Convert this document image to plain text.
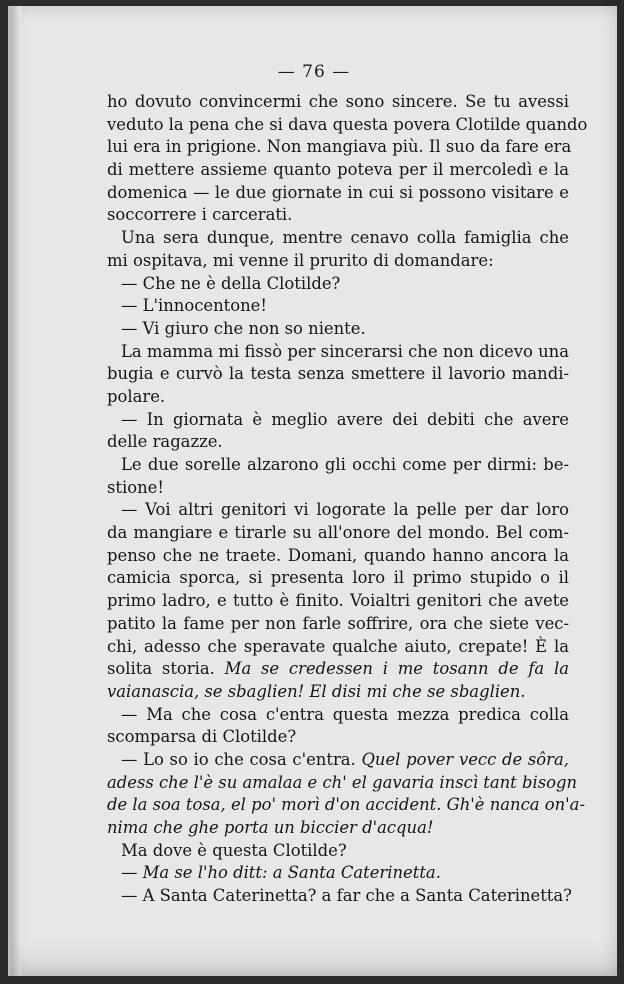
— 76 —
ho dovuto convincermi che sono sincere. Se tu avessi
veduto la pena che si dava questa povera Clotilde quando
lui era in prigione. Non mangiava più. Il suo da fare era
di mettere assieme quanto poteva per il mercoledì e la
domenica — le due giornate in cui si possono visitare e
soccorrere i carcerati.
Una sera dunque, mentre cenavo colla famiglia che
mi ospitava, mi venne il prurito di domandare:
— Che ne è della Clotilde?
— L'innocentone!
— Vi giuro che non so niente.
La mamma mi fissò per sincerarsi che non dicevo una
bugia e curvò la testa senza smettere il lavorio mandi-
polare.
— In giornata è meglio avere dei debiti che avere
delle ragazze.
Le due sorelle alzarono gli occhi come per dirmi: be-
stione!
— Voi altri genitori vi logorate la pelle per dar loro
da mangiare e tirarle su all'onore del mondo. Bel com-
penso che ne traete. Domani, quando hanno ancora la
camicia sporca, si presenta loro il primo stupido o il
primo ladro, e tutto è finito. Voialtri genitori che avete
patito la fame per non farle soffrire, ora che siete vec-
chi, adesso che speravate qualche aiuto, crepate! È la
solita storia. Ma se credessen i me tosann de fa la
vaianascia, se sbaglien! El disi mi che se sbaglien.
— Ma che cosa c'entra questa mezza predica colla
scomparsa di Clotilde?
— Lo so io che cosa c'entra. Quel pover vecc de sôra,
adess che l'è su amalaa e ch' el gavaria inscì tant bisogn
de la soa tosa, el po' morì d'on accident. Gh'è nanca on'a-
nima che ghe porta un biccier d'acqua!
Ma dove è questa Clotilde?
— Ma se l'ho ditt: a Santa Caterinetta.
— A Santa Caterinetta? a far che a Santa Caterinetta?
